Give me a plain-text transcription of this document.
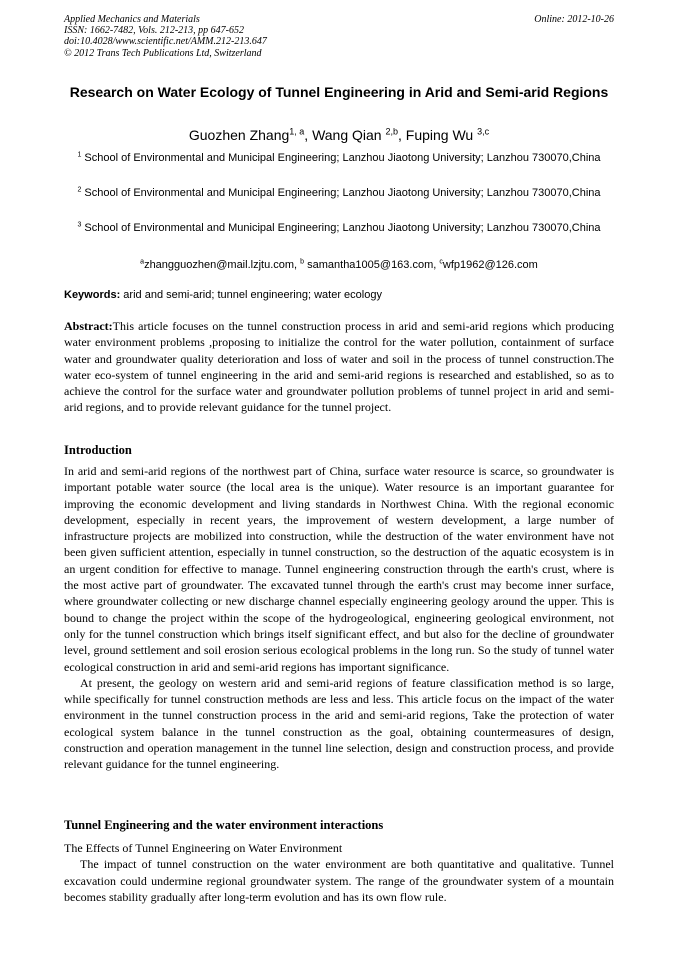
Applied Mechanics and Materials
ISSN: 1662-7482, Vols. 212-213, pp 647-652
doi:10.4028/www.scientific.net/AMM.212-213.647
© 2012 Trans Tech Publications Ltd, Switzerland
Online: 2012-10-26
Research on Water Ecology of Tunnel Engineering in Arid and Semi-arid Regions
Guozhen Zhang$^{1, a}$, Wang Qian $^{2,b}$, Fuping Wu $^{3,c}$
$^1$ School of Environmental and Municipal Engineering; Lanzhou Jiaotong University; Lanzhou 730070,China
$^2$ School of Environmental and Municipal Engineering; Lanzhou Jiaotong University; Lanzhou 730070,China
$^3$ School of Environmental and Municipal Engineering; Lanzhou Jiaotong University; Lanzhou 730070,China
$^a$zhangguozhen@mail.lzjtu.com, $^b$ samantha1005@163.com, $^c$wfp1962@126.com
Keywords: arid and semi-arid; tunnel engineering; water ecology
Abstract:This article focuses on the tunnel construction process in arid and semi-arid regions which producing water environment problems ,proposing to initialize the control for the water pollution, containment of surface water and groundwater quality deterioration and loss of water and soil in the process of tunnel construction.The water eco-system of tunnel engineering in the arid and semi-arid regions is researched and established, so as to achieve the control for the surface water and groundwater pollution problems of tunnel project in arid and semi-arid regions, and to provide relevant guidance for the tunnel project.
Introduction
In arid and semi-arid regions of the northwest part of China, surface water resource is scarce, so groundwater is important potable water source (the local area is the unique). Water resource is an important guarantee for improving the economic development and living standards in Northwest China. With the regional economic development, especially in recent years, the improvement of western development, a large number of infrastructure projects are mobilized into construction, while the destruction of the water environment have not been given sufficient attention, especially in tunnel construction, so the destruction of the aquatic ecosystem is in an urgent condition for effective to manage. Tunnel engineering construction through the earth's crust, where is the most active part of groundwater. The excavated tunnel through the earth's crust may become inner surface, where groundwater collecting or new discharge channel especially engineering geology around the upper. This is bound to change the project within the scope of the hydrogeological, engineering geological environment, not only for the tunnel construction which brings itself significant effect, and but also for the decline of groundwater level, ground settlement and soil erosion serious ecological problems in the long run. So the study of tunnel water ecological construction in arid and semi-arid regions has important significance.
At present, the geology on western arid and semi-arid regions of feature classification method is so large, while specifically for tunnel construction methods are less and less. This article focus on the impact of the water environment in the tunnel construction process in the arid and semi-arid regions, Take the protection of water ecological system balance in the tunnel construction as the goal, obtaining countermeasures of design, construction and operation management in the tunnel line selection, design and construction process, and provide relevant guidance for the tunnel engineering.
Tunnel Engineering and the water environment interactions
The Effects of Tunnel Engineering on Water Environment
The impact of tunnel construction on the water environment are both quantitative and qualitative. Tunnel excavation could undermine regional groundwater system. The range of the groundwater system of a mountain becomes stability gradually after long-term evolution and has its own flow rule.
